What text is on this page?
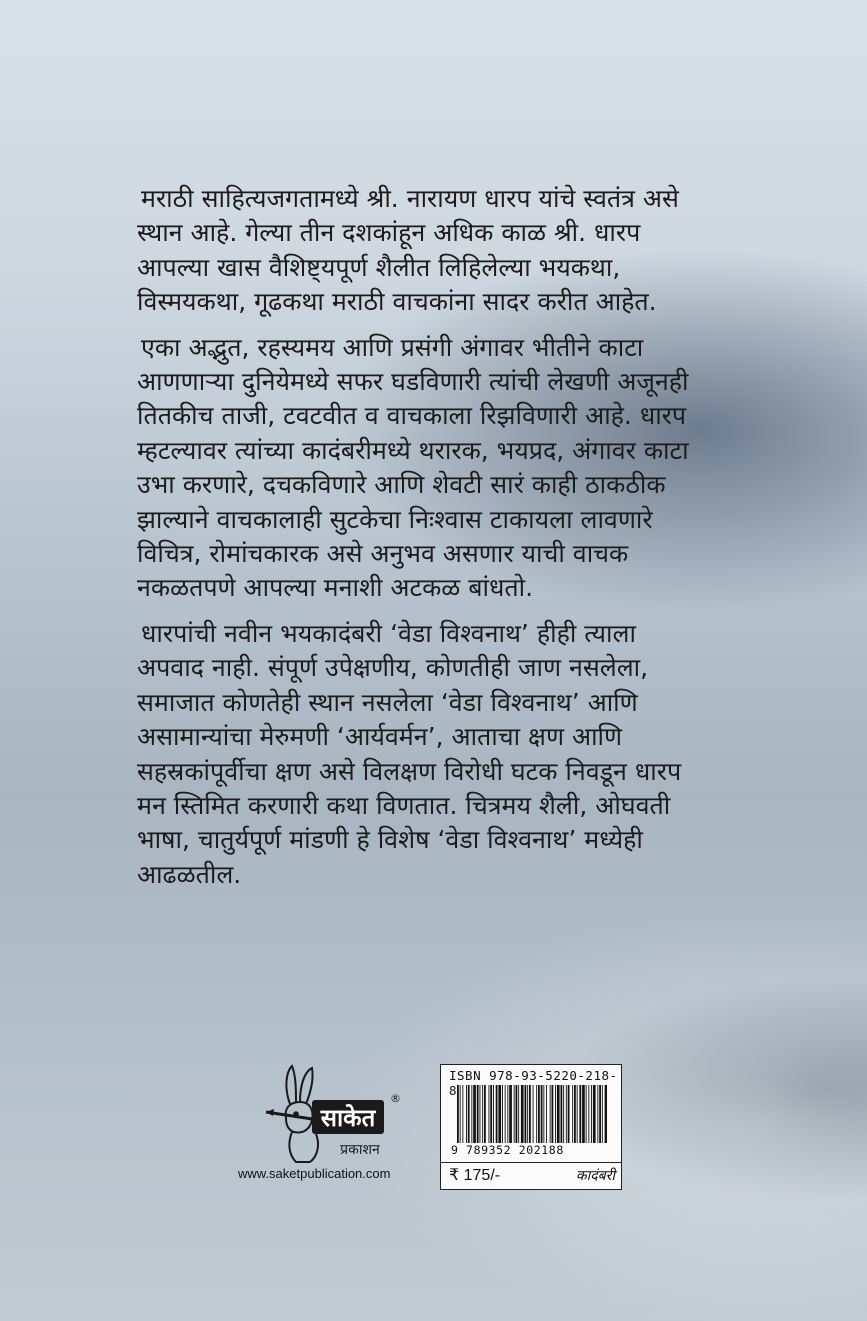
मराठी साहित्यजगतामध्ये श्री. नारायण धारप यांचे स्वतंत्र असे
स्थान आहे. गेल्या तीन दशकांहून अधिक काळ श्री. धारप
आपल्या खास वैशिष्ट्यपूर्ण शैलीत लिहिलेल्या भयकथा,
विस्मयकथा, गूढकथा मराठी वाचकांना सादर करीत आहेत.

एका अद्भुत, रहस्यमय आणि प्रसंगी अंगावर भीतीने काटा
आणणाऱ्या दुनियेमध्ये सफर घडविणारी त्यांची लेखणी अजूनही
तितकीच ताजी, टवटवीत व वाचकाला रिझविणारी आहे. धारप
म्हटल्यावर त्यांच्या कादंबरीमध्ये थरारक, भयप्रद, अंगावर काटा
उभा करणारे, दचकविणारे आणि शेवटी सारं काही ठाकठीक
झाल्याने वाचकालाही सुटकेचा निःश्वास टाकायला लावणारे
विचित्र, रोमांचकारक असे अनुभव असणार याची वाचक
नकळतपणे आपल्या मनाशी अटकळ बांधतो.

धारपांची नवीन भयकादंबरी ‘वेडा विश्वनाथ’ हीही त्याला
अपवाद नाही. संपूर्ण उपेक्षणीय, कोणतीही जाण नसलेला,
समाजात कोणतेही स्थान नसलेला ‘वेडा विश्वनाथ’ आणि
असामान्यांचा मेरुमणी ‘आर्यवर्मन’, आताचा क्षण आणि
सहस्रकांपूर्वीचा क्षण असे विलक्षण विरोधी घटक निवडून धारप
मन स्तिमित करणारी कथा विणतात. चित्रमय शैली, ओघवती
भाषा, चातुर्यपूर्ण मांडणी हे विशेष ‘वेडा विश्वनाथ’ मध्येही
आढळतील.

साकेत
®
प्रकाशन
www.saketpublication.com
ISBN 978-93-5220-218-8
9 789352 202188
₹ 175/-	कादंबरी
